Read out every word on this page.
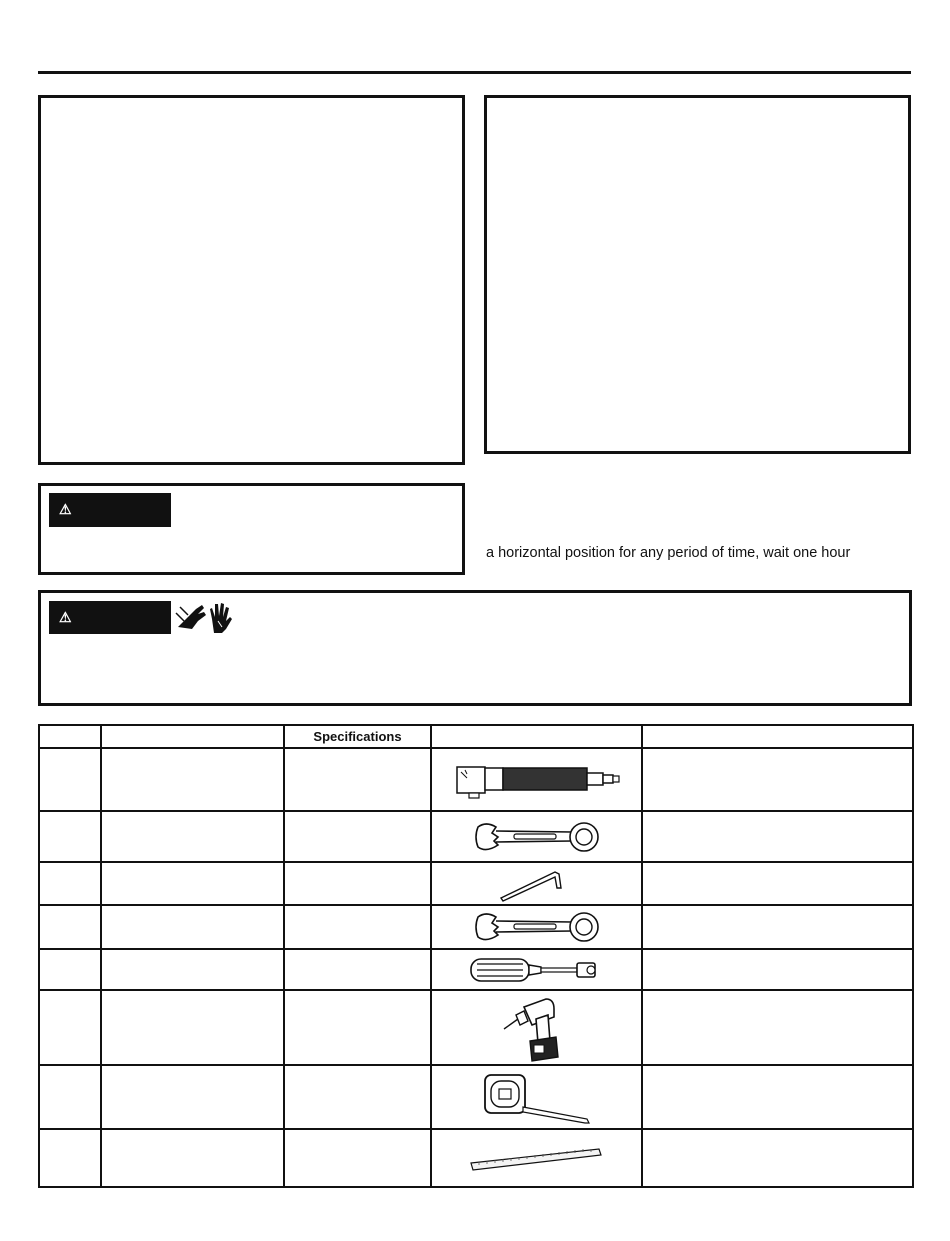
⚠
a horizontal position for any period of time, wait one hour
⚠
		Specifications		
